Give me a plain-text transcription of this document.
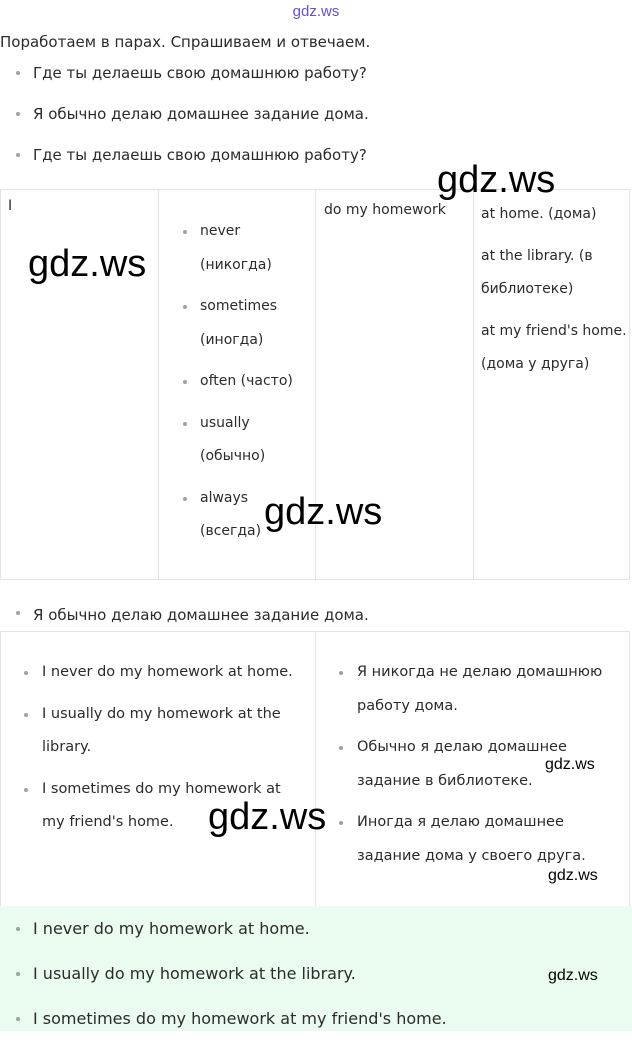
gdz.ws
Поработаем в парах. Спрашиваем и отвечаем.
Где ты делаешь свою домашнюю работу?
Я обычно делаю домашнее задание дома.
Где ты делаешь свою домашнюю работу?
I
never (никогда)
sometimes (иногда)
often (часто)
usually (обычно)
always (всегда)
do my homework	at home. (дома)

at the library. (в библиотеке)

at my friend's home. (дома у друга)

Я обычно делаю домашнее задание дома.
I never do my homework at home.
I usually do my homework at the library.
I sometimes do my homework at my friend's home.
Я никогда не делаю домашнюю работу дома.
Обычно я делаю домашнее задание в библиотеке.
Иногда я делаю домашнее задание дома у своего друга.
I never do my homework at home.
I usually do my homework at the library.
I sometimes do my homework at my friend's home.
gdz.ws
gdz.ws
gdz.ws
gdz.ws
gdz.ws
gdz.ws
gdz.ws
